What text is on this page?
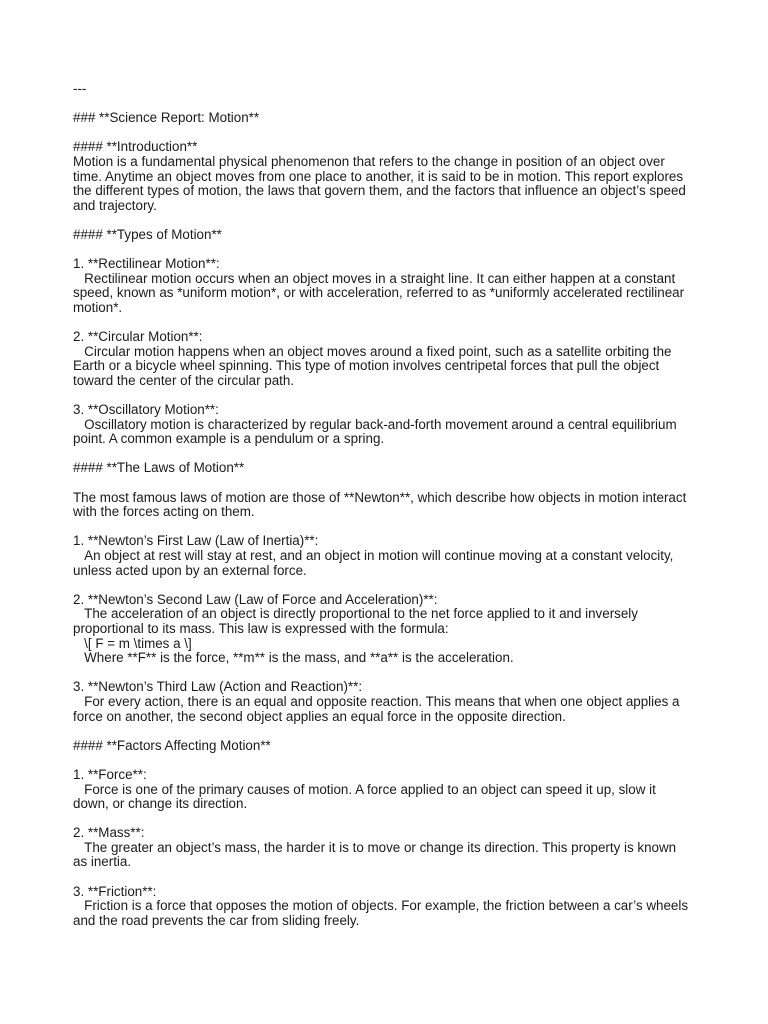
---

### **Science Report: Motion**

#### **Introduction**

Motion is a fundamental physical phenomenon that refers to the change in position of an object over time. Anytime an object moves from one place to another, it is said to be in motion. This report explores the different types of motion, the laws that govern them, and the factors that influence an object’s speed and trajectory.

#### **Types of Motion**

1. **Rectilinear Motion**:

Rectilinear motion occurs when an object moves in a straight line. It can either happen at a constant speed, known as *uniform motion*, or with acceleration, referred to as *uniformly accelerated rectilinear motion*.

2. **Circular Motion**:

Circular motion happens when an object moves around a fixed point, such as a satellite orbiting the Earth or a bicycle wheel spinning. This type of motion involves centripetal forces that pull the object toward the center of the circular path.

3. **Oscillatory Motion**:

Oscillatory motion is characterized by regular back-and-forth movement around a central equilibrium point. A common example is a pendulum or a spring.

#### **The Laws of Motion**

The most famous laws of motion are those of **Newton**, which describe how objects in motion interact with the forces acting on them.

1. **Newton’s First Law (Law of Inertia)**:

An object at rest will stay at rest, and an object in motion will continue moving at a constant velocity, unless acted upon by an external force.

2. **Newton’s Second Law (Law of Force and Acceleration)**:

The acceleration of an object is directly proportional to the net force applied to it and inversely proportional to its mass. This law is expressed with the formula:

\[ F = m \times a \]

Where **F** is the force, **m** is the mass, and **a** is the acceleration.

3. **Newton’s Third Law (Action and Reaction)**:

For every action, there is an equal and opposite reaction. This means that when one object applies a force on another, the second object applies an equal force in the opposite direction.

#### **Factors Affecting Motion**

1. **Force**:

Force is one of the primary causes of motion. A force applied to an object can speed it up, slow it down, or change its direction.

2. **Mass**:

The greater an object’s mass, the harder it is to move or change its direction. This property is known as inertia.

3. **Friction**:

Friction is a force that opposes the motion of objects. For example, the friction between a car’s wheels and the road prevents the car from sliding freely.
